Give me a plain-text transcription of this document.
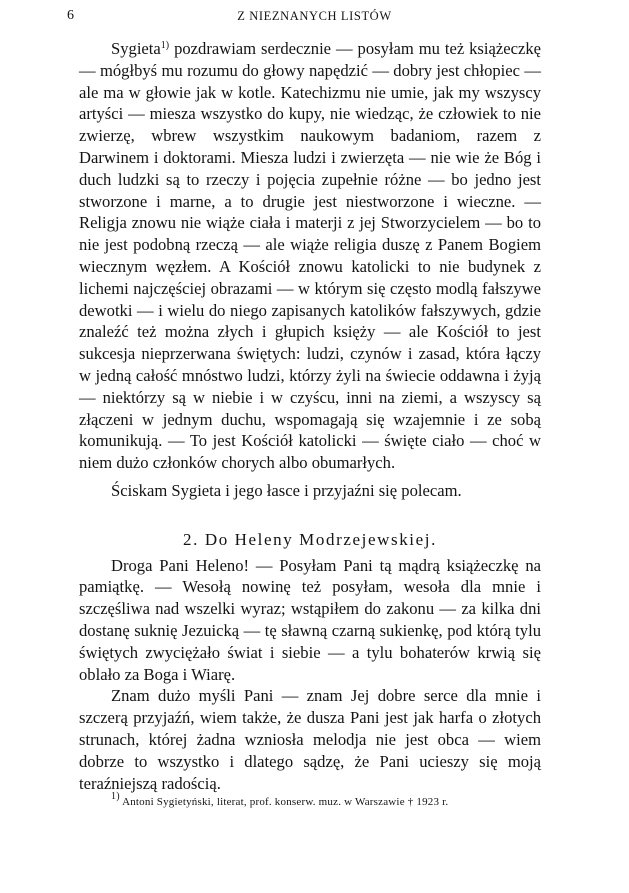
6	Z NIEZNANYCH LISTÓW

Sygieta$^{1)}$ pozdrawiam serdecznie — posyłam mu też książeczkę — mógłbyś mu rozumu do głowy napędzić — dobry jest chłopiec — ale ma w głowie jak w kotle. Katechizmu nie umie, jak my wszyscy artyści — miesza wszystko do kupy, nie wiedząc, że człowiek to nie zwierzę, wbrew wszystkim naukowym badaniom, razem z Darwinem i doktorami. Miesza ludzi i zwierzęta — nie wie że Bóg i duch ludzki są to rzeczy i pojęcia zupełnie różne — bo jedno jest stworzone i marne, a to drugie jest niestworzone i wieczne. — Religja znowu nie wiąże ciała i materji z jej Stworzycielem — bo to nie jest podobną rzeczą — ale wiąże religia duszę z Panem Bogiem wiecznym węzłem. A Kościół znowu katolicki to nie budynek z lichemi najczęściej obrazami — w którym się często modlą fałszywe dewotki — i wielu do niego zapisanych katolików fałszywych, gdzie znaleźć też można złych i głupich księży — ale Kościół to jest sukcesja nieprzerwana świętych: ludzi, czynów i zasad, która łączy w jedną całość mnóstwo ludzi, którzy żyli na świecie oddawna i żyją — niektórzy są w niebie i w czyścu, inni na ziemi, a wszyscy są złączeni w jednym duchu, wspomagają się wzajemnie i ze sobą komunikują. — To jest Kościół katolicki — święte ciało — choć w niem dużo członków chorych albo obumarłych.

Ściskam Sygieta i jego łasce i przyjaźni się polecam.

2. Do Heleny Modrzejewskiej.

Droga Pani Heleno! — Posyłam Pani tą mądrą książeczkę na pamiątkę. — Wesołą nowinę też posyłam, wesoła dla mnie i szczęśliwa nad wszelki wyraz; wstąpiłem do zakonu — za kilka dni dostanę suknię Jezuicką — tę sławną czarną sukienkę, pod którą tylu świętych zwyciężało świat i siebie — a tylu bohaterów krwią się oblało za Boga i Wiarę.

Znam dużo myśli Pani — znam Jej dobre serce dla mnie i szczerą przyjaźń, wiem także, że dusza Pani jest jak harfa o złotych strunach, której żadna wzniosła melodja nie jest obca — wiem dobrze to wszystko i dlatego sądzę, że Pani ucieszy się moją teraźniejszą radością.

$^{1)}$ Antoni Sygietyński, literat, prof. konserw. muz. w Warszawie † 1923 r.
